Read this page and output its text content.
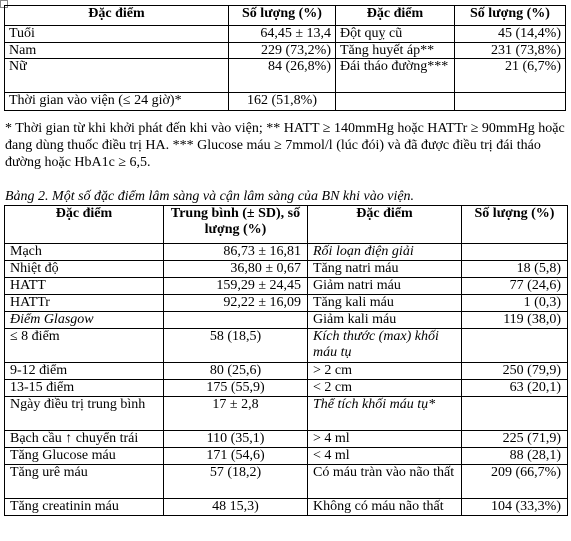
Đặc điểm	Số lượng (%)	Đặc điểm	Số lượng (%)
Tuổi	64,45 ± 13,4	Đột quỵ cũ	45 (14,4%)
Nam	229 (73,2%)	Tăng huyết áp**	231 (73,8%)
Nữ	84 (26,8%)	Đái tháo đường***	21 (6,7%)
Thời gian vào viện (≤ 24 giờ)*	162 (51,8%)		
* Thời gian từ khi khởi phát đến khi vào viện; ** HATT ≥ 140mmHg hoặc HATTr ≥ 90mmHg hoặc đang dùng thuốc điều trị HA. *** Glucose máu ≥ 7mmol/l (lúc đói) và đã được điều trị đái tháo đường hoặc HbA1c ≥ 6,5.
Bảng 2. Một số đặc điểm lâm sàng và cận lâm sàng của BN khi vào viện.
Đặc điểm	Trung bình (± SD), số lượng (%)	Đặc điểm	Số lượng (%)
Mạch	86,73 ± 16,81	Rối loạn điện giải	
Nhiệt độ	36,80 ± 0,67	Tăng natri máu	18 (5,8)
HATT	159,29 ± 24,45	Giảm natri máu	77 (24,6)
HATTr	92,22 ± 16,09	Tăng kali máu	1 (0,3)
Điểm Glasgow		Giảm kali máu	119 (38,0)
≤ 8 điểm	58 (18,5)	Kích thước (max) khối máu tụ	
9-12 điểm	80 (25,6)	> 2 cm	250 (79,9)
13-15 điểm	175 (55,9)	< 2 cm	63 (20,1)
Ngày điều trị trung bình	17 ± 2,8	Thể tích khối máu tụ*	
Bạch cầu ↑ chuyển trái	110 (35,1)	> 4 ml	225 (71,9)
Tăng Glucose máu	171 (54,6)	< 4 ml	88 (28,1)
Tăng urê máu	57 (18,2)	Có máu tràn vào não thất	209 (66,7%)
Tăng creatinin máu	48 15,3)	Không có máu não thất	104 (33,3%)
